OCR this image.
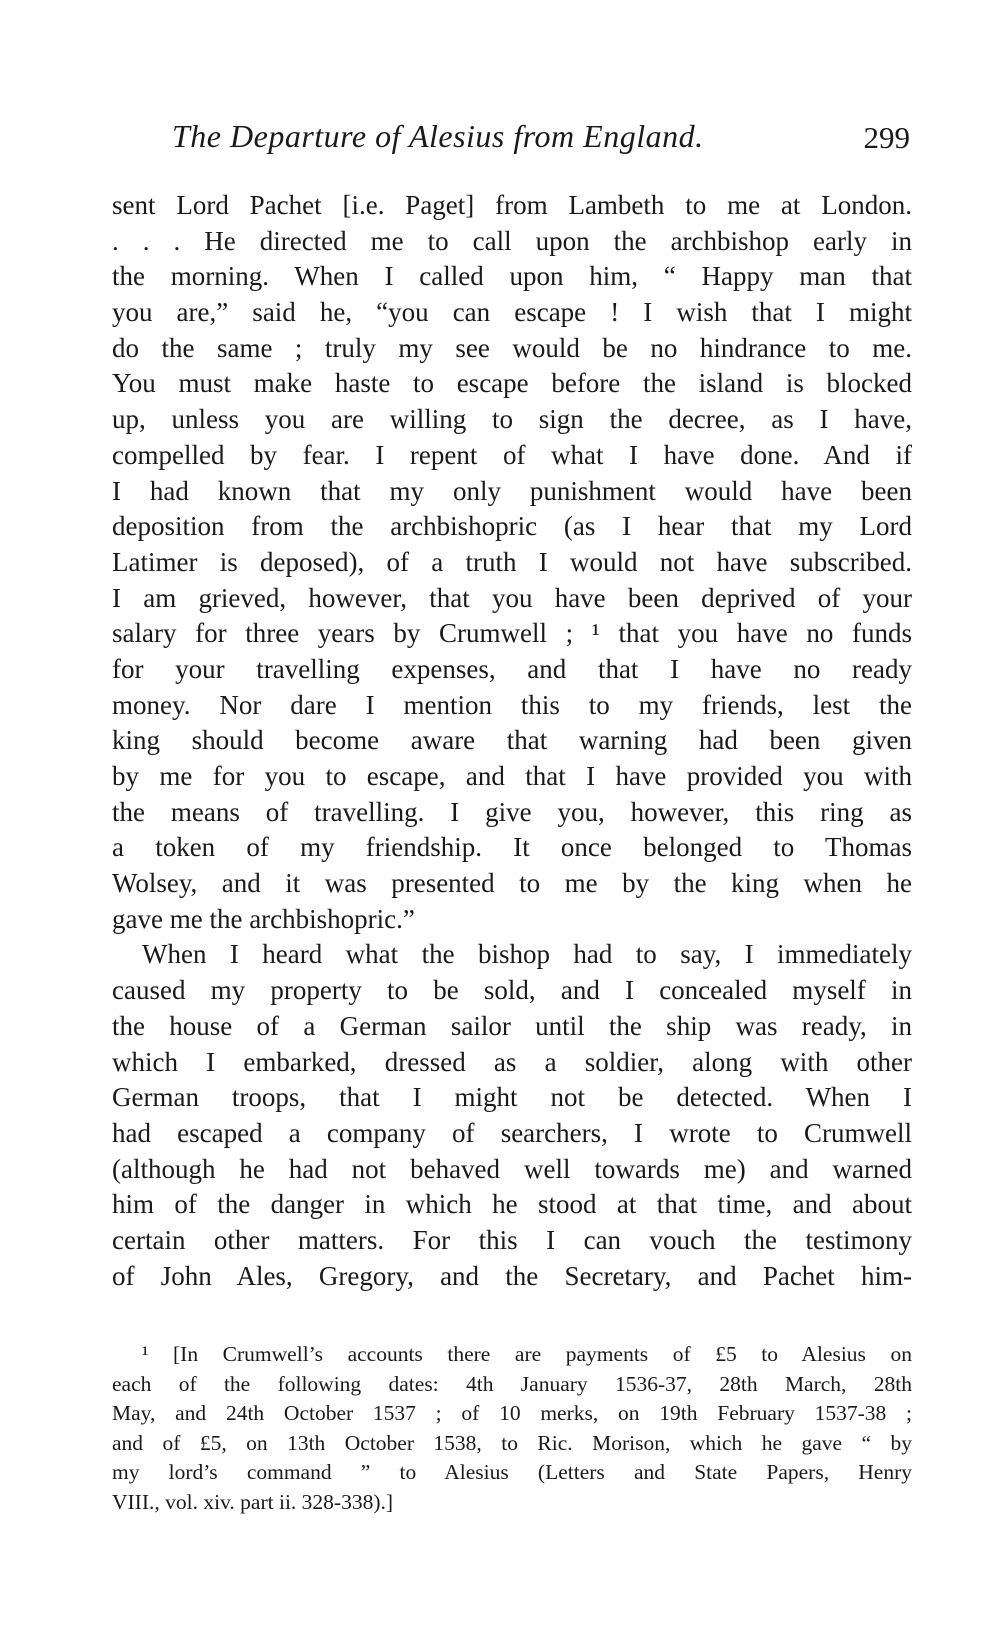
The Departure of Alesius from England.	299
sent Lord Pachet [i.e. Paget] from Lambeth to me at London.
. . . He directed me to call upon the archbishop early in
the morning. When I called upon him, “ Happy man that
you are,” said he, “you can escape ! I wish that I might
do the same ; truly my see would be no hindrance to me.
You must make haste to escape before the island is blocked
up, unless you are willing to sign the decree, as I have,
compelled by fear. I repent of what I have done. And if
I had known that my only punishment would have been
deposition from the archbishopric (as I hear that my Lord
Latimer is deposed), of a truth I would not have subscribed.
I am grieved, however, that you have been deprived of your
salary for three years by Crumwell ; ¹ that you have no funds
for your travelling expenses, and that I have no ready
money. Nor dare I mention this to my friends, lest the
king should become aware that warning had been given
by me for you to escape, and that I have provided you with
the means of travelling. I give you, however, this ring as
a token of my friendship. It once belonged to Thomas
Wolsey, and it was presented to me by the king when he
gave me the archbishopric.”
When I heard what the bishop had to say, I immediately
caused my property to be sold, and I concealed myself in
the house of a German sailor until the ship was ready, in
which I embarked, dressed as a soldier, along with other
German troops, that I might not be detected. When I
had escaped a company of searchers, I wrote to Crumwell
(although he had not behaved well towards me) and warned
him of the danger in which he stood at that time, and about
certain other matters. For this I can vouch the testimony
of John Ales, Gregory, and the Secretary, and Pachet him-
¹ [In Crumwell’s accounts there are payments of £5 to Alesius on
each of the following dates: 4th January 1536-37, 28th March, 28th
May, and 24th October 1537 ; of 10 merks, on 19th February 1537-38 ;
and of £5, on 13th October 1538, to Ric. Morison, which he gave “ by
my lord’s command ” to Alesius (Letters and State Papers, Henry
VIII., vol. xiv. part ii. 328-338).]
